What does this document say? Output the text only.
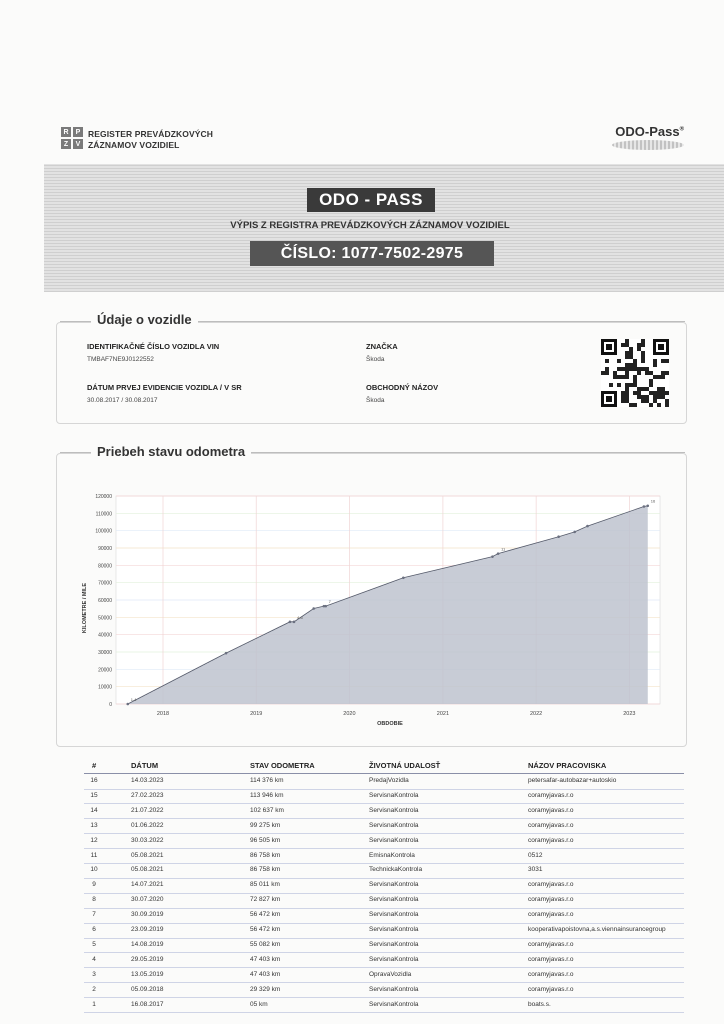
R	P
Z	V
REGISTER PREVÁDZKOVÝCH
ZÁZNAMOV VOZIDIEL
ODO-Pass®
ODO - PASS
VÝPIS Z REGISTRA PREVÁDZKOVÝCH ZÁZNAMOV VOZIDIEL
ČÍSLO: 1077-7502-2975
Údaje o vozidle
IDENTIFIKAČNÉ ČÍSLO VOZIDLA VIN
TMBAF7NE9J0122552
DÁTUM PRVEJ EVIDENCIE VOZIDLA / V SR
30.08.2017 / 30.08.2017
ZNAČKA
Škoda
OBCHODNÝ NÁZOV
Škoda
Priebeh stavu odometra
0
10000
20000
30000
40000
50000
60000
70000
80000
90000
100000
110000
120000
2018	2019	2020	2021	2022	2023
KILOMETRE / MILE
OBDOBIE
1-4
4-6
7
11
16
#	DÁTUM	STAV ODOMETRA	ŽIVOTNÁ UDALOSŤ	NÁZOV PRACOVISKA
16	14.03.2023	114 376 km	PredajVozidla	petersafar-autobazar+autoskio
15	27.02.2023	113 946 km	ServisnaKontrola	coramyjavas.r.o
14	21.07.2022	102 637 km	ServisnaKontrola	coramyjavas.r.o
13	01.06.2022	99 275 km	ServisnaKontrola	coramyjavas.r.o
12	30.03.2022	96 505 km	ServisnaKontrola	coramyjavas.r.o
11	05.08.2021	86 758 km	EmisnaKontrola	0512
10	05.08.2021	86 758 km	TechnickaKontrola	3031
9	14.07.2021	85 011 km	ServisnaKontrola	coramyjavas.r.o
8	30.07.2020	72 827 km	ServisnaKontrola	coramyjavas.r.o
7	30.09.2019	56 472 km	ServisnaKontrola	coramyjavas.r.o
6	23.09.2019	56 472 km	ServisnaKontrola	kooperativapoistovna,a.s.viennainsurancegroup
5	14.08.2019	55 082 km	ServisnaKontrola	coramyjavas.r.o
4	29.05.2019	47 403 km	ServisnaKontrola	coramyjavas.r.o
3	13.05.2019	47 403 km	OpravaVozidla	coramyjavas.r.o
2	05.09.2018	29 329 km	ServisnaKontrola	coramyjavas.r.o
1	16.08.2017	05 km	ServisnaKontrola	boats.s.
